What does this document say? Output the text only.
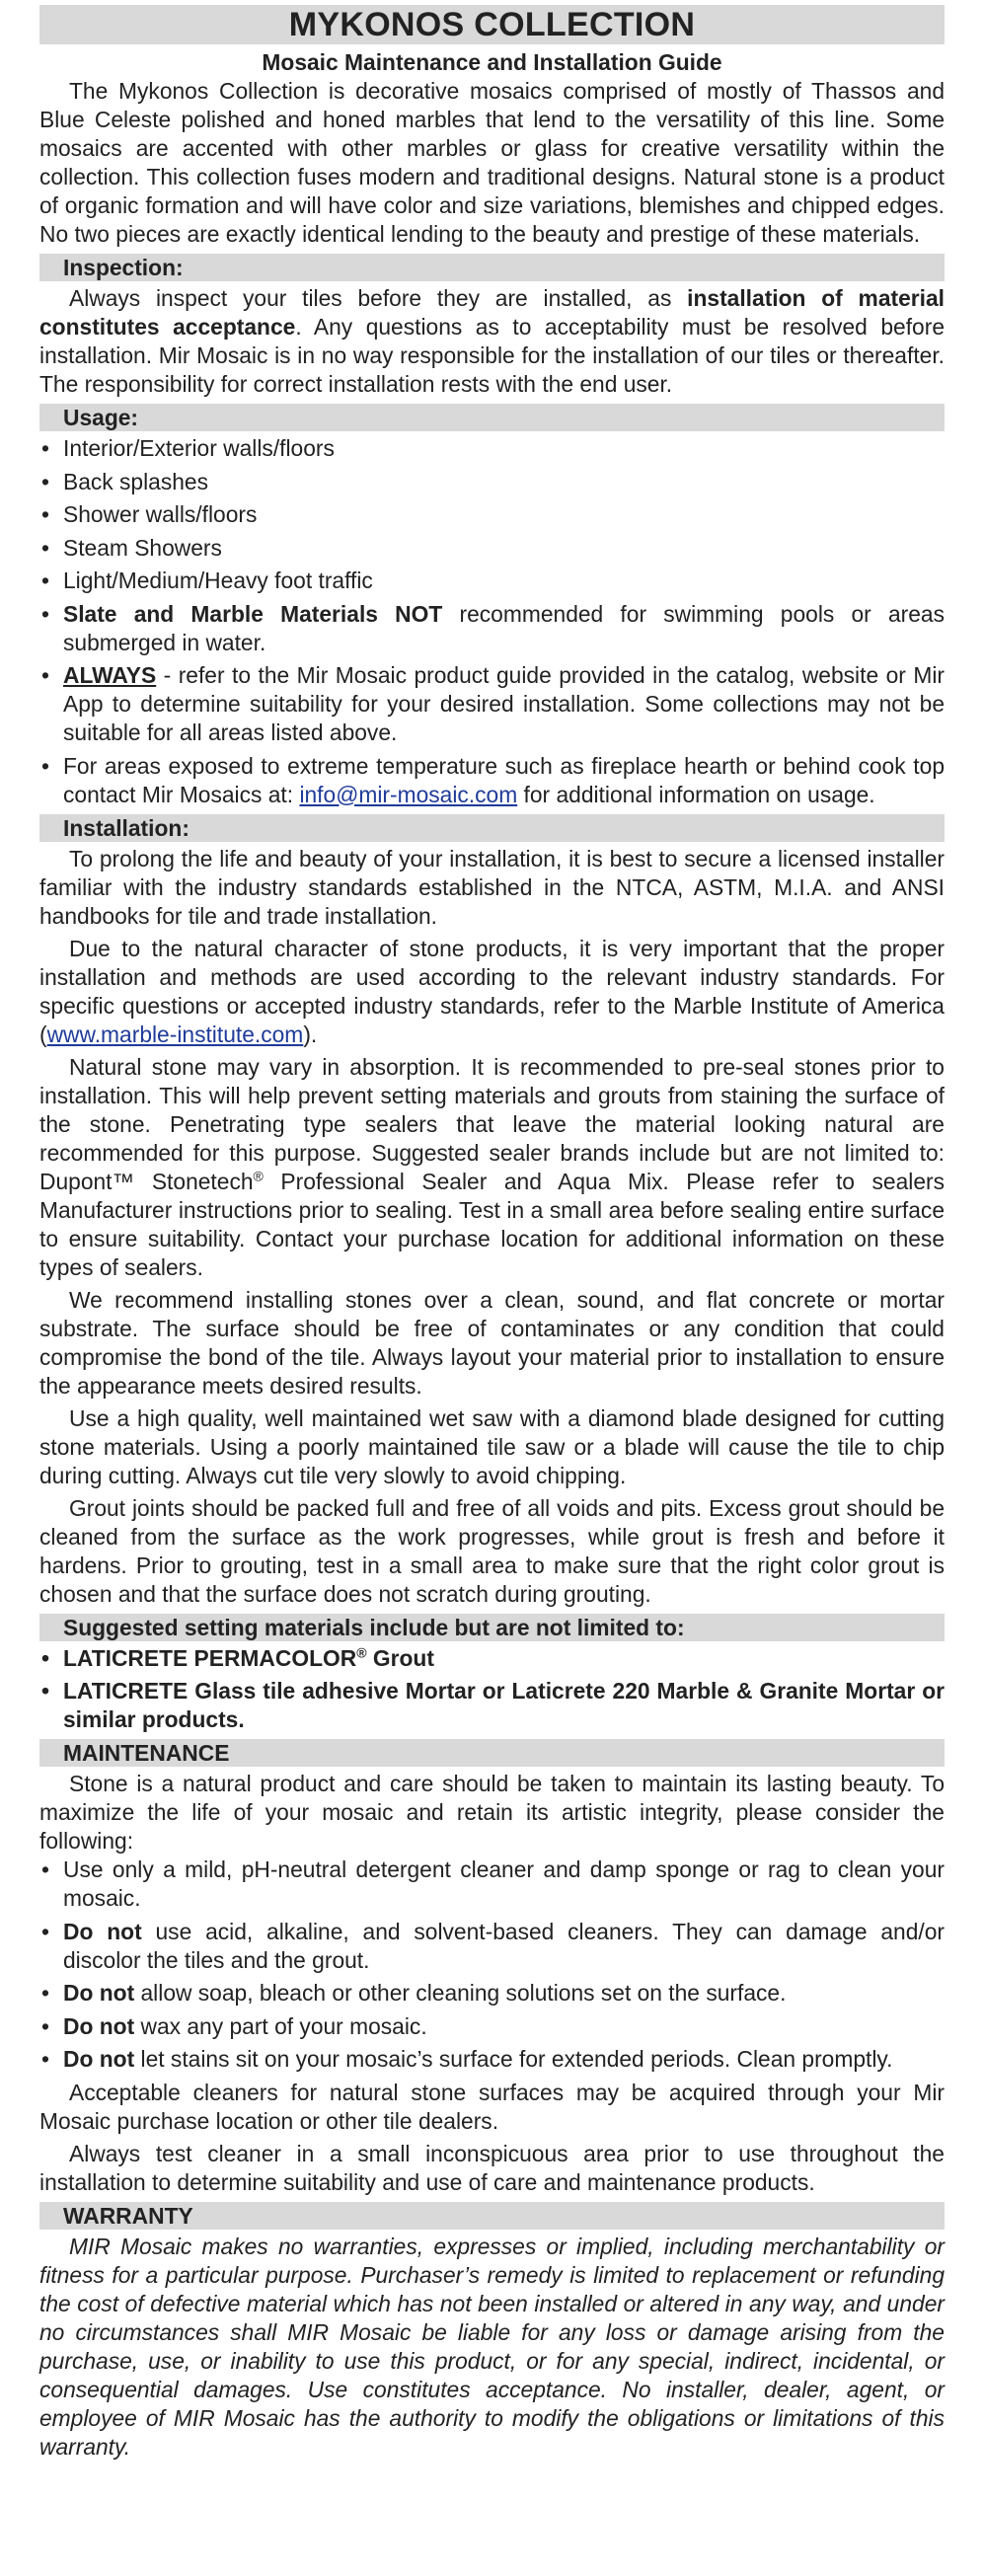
MYKONOS COLLECTION
Mosaic Maintenance and Installation Guide

The Mykonos Collection is decorative mosaics comprised of mostly of Thassos and Blue Celeste polished and honed marbles that lend to the versatility of this line. Some mosaics are accented with other marbles or glass for creative versatility within the collection. This collection fuses modern and traditional designs. Natural stone is a product of organic formation and will have color and size variations, blemishes and chipped edges. No two pieces are exactly identical lending to the beauty and prestige of these materials.

Inspection:

Always inspect your tiles before they are installed, as installation of material constitutes acceptance. Any questions as to acceptability must be resolved before installation. Mir Mosaic is in no way responsible for the installation of our tiles or thereafter. The responsibility for correct installation rests with the end user.

Usage:
• Interior/Exterior walls/floors
• Back splashes
• Shower walls/floors
• Steam Showers
• Light/Medium/Heavy foot traffic
• Slate and Marble Materials NOT recommended for swimming pools or areas submerged in water.
• ALWAYS - refer to the Mir Mosaic product guide provided in the catalog, website or Mir App to determine suitability for your desired installation. Some collections may not be suitable for all areas listed above.
• For areas exposed to extreme temperature such as fireplace hearth or behind cook top contact Mir Mosaics at: info@mir-mosaic.com for additional information on usage.
Installation:

To prolong the life and beauty of your installation, it is best to secure a licensed installer familiar with the industry standards established in the NTCA, ASTM, M.I.A. and ANSI handbooks for tile and trade installation.

Due to the natural character of stone products, it is very important that the proper installation and methods are used according to the relevant industry standards. For specific questions or accepted industry standards, refer to the Marble Institute of America (www.marble-institute.com).

Natural stone may vary in absorption. It is recommended to pre-seal stones prior to installation. This will help prevent setting materials and grouts from staining the surface of the stone. Penetrating type sealers that leave the material looking natural are recommended for this purpose. Suggested sealer brands include but are not limited to: Dupont™ Stonetech® Professional Sealer and Aqua Mix. Please refer to sealers Manufacturer instructions prior to sealing. Test in a small area before sealing entire surface to ensure suitability. Contact your purchase location for additional information on these types of sealers.

We recommend installing stones over a clean, sound, and flat concrete or mortar substrate. The surface should be free of contaminates or any condition that could compromise the bond of the tile. Always layout your material prior to installation to ensure the appearance meets desired results.

Use a high quality, well maintained wet saw with a diamond blade designed for cutting stone materials. Using a poorly maintained tile saw or a blade will cause the tile to chip during cutting. Always cut tile very slowly to avoid chipping.

Grout joints should be packed full and free of all voids and pits. Excess grout should be cleaned from the surface as the work progresses, while grout is fresh and before it hardens. Prior to grouting, test in a small area to make sure that the right color grout is chosen and that the surface does not scratch during grouting.

Suggested setting materials include but are not limited to:
• LATICRETE PERMACOLOR® Grout
• LATICRETE Glass tile adhesive Mortar or Laticrete 220 Marble & Granite Mortar or similar products.
MAINTENANCE

Stone is a natural product and care should be taken to maintain its lasting beauty. To maximize the life of your mosaic and retain its artistic integrity, please consider the following:

• Use only a mild, pH-neutral detergent cleaner and damp sponge or rag to clean your mosaic.
• Do not use acid, alkaline, and solvent-based cleaners. They can damage and/or discolor the tiles and the grout.
• Do not allow soap, bleach or other cleaning solutions set on the surface.
• Do not wax any part of your mosaic.
• Do not let stains sit on your mosaic’s surface for extended periods. Clean promptly.

Acceptable cleaners for natural stone surfaces may be acquired through your Mir Mosaic purchase location or other tile dealers.

Always test cleaner in a small inconspicuous area prior to use throughout the installation to determine suitability and use of care and maintenance products.

WARRANTY

MIR Mosaic makes no warranties, expresses or implied, including merchantability or fitness for a particular purpose. Purchaser’s remedy is limited to replacement or refunding the cost of defective material which has not been installed or altered in any way, and under no circumstances shall MIR Mosaic be liable for any loss or damage arising from the purchase, use, or inability to use this product, or for any special, indirect, incidental, or consequential damages. Use constitutes acceptance. No installer, dealer, agent, or employee of MIR Mosaic has the authority to modify the obligations or limitations of this warranty.
